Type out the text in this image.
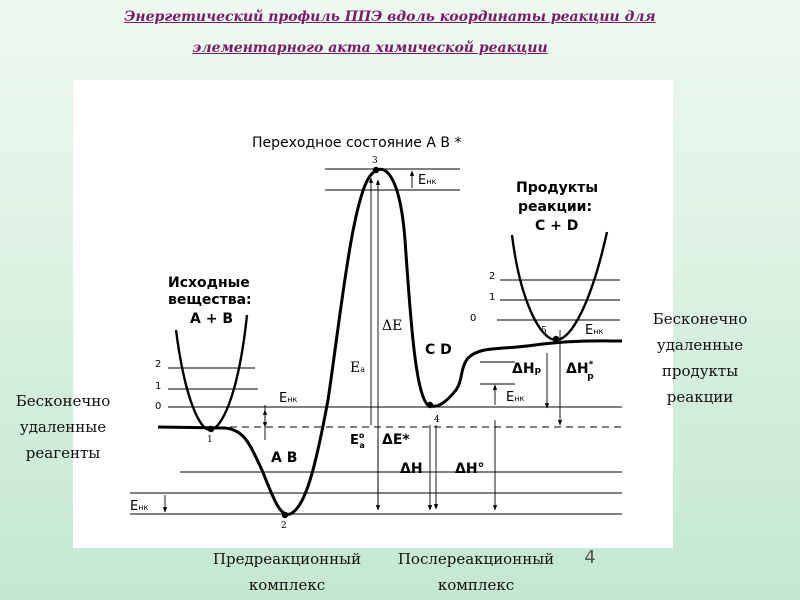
Энергетический профиль ППЭ вдоль координаты реакции для
элементарного акта химической реакции
Переходное состояние А В *
Исходные
вещества:
А + В
Продукты
реакции:
C + D
А В
C D
Eнк
Eнк	Eнк
Eнк
Eнк
ΔE
Ea
$E^o$ a ΔE*
ΔH ΔH°
ΔHp ΔH* p
2
1
0
2
1
0
1
2
3
4
5
Бесконечно
удаленные
реагенты
Бесконечно
удаленные
продукты
реакции
Предреакционный
комплекс
Послереакционный
комплекс
4
